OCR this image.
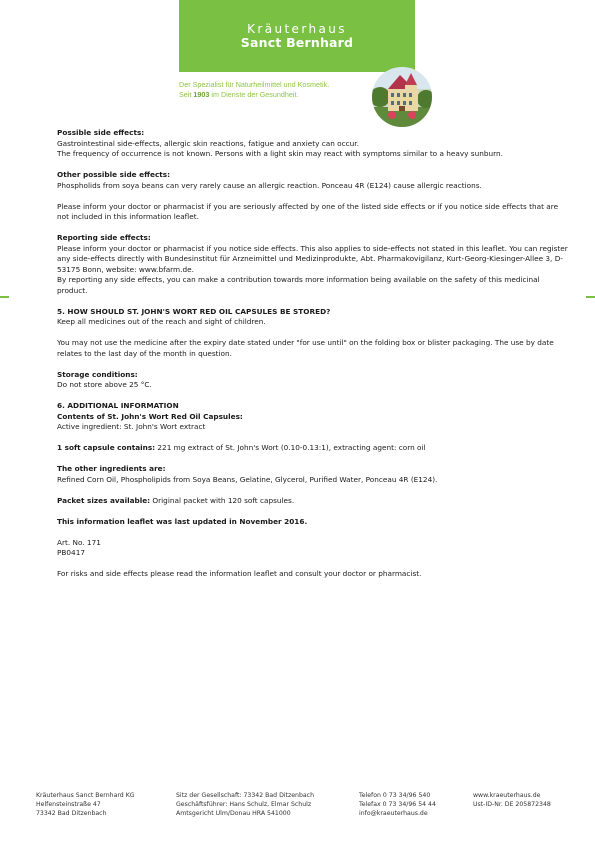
Kräuterhaus
Sanct Bernhard
Der Spezialist für Naturheilmittel und Kosmetik.
Seit 1903 im Dienste der Gesundheit.

Possible side effects:

Gastrointestinal side-effects, allergic skin reactions, fatigue and anxiety can occur.

The frequency of occurrence is not known. Persons with a light skin may react with symptoms similar to a heavy sunburn.

Other possible side effects:

Phospholids from soya beans can very rarely cause an allergic reaction. Ponceau 4R (E124) cause allergic reactions.

Please inform your doctor or pharmacist if you are seriously affected by one of the listed side effects or if you notice side effects that are not included in this information leaflet.

Reporting side effects:

Please inform your doctor or pharmacist if you notice side effects. This also applies to side-effects not stated in this leaflet. You can register any side-effects directly with Bundesinstitut für Arzneimittel und Medizinprodukte, Abt. Pharmakovigilanz, Kurt-Georg-Kiesinger-Allee 3, D-53175 Bonn, website: www.bfarm.de.

By reporting any side effects, you can make a contribution towards more information being available on the safety of this medicinal product.

5. HOW SHOULD ST. JOHN'S WORT RED OIL CAPSULES BE STORED?

Keep all medicines out of the reach and sight of children.

You may not use the medicine after the expiry date stated under "for use until" on the folding box or blister packaging. The use by date relates to the last day of the month in question.

Storage conditions:

Do not store above 25 °C.

6. ADDITIONAL INFORMATION

Contents of St. John's Wort Red Oil Capsules:

Active ingredient: St. John's Wort extract

1 soft capsule contains: 221 mg extract of St. John's Wort (0.10-0.13:1), extracting agent: corn oil

The other ingredients are:

Refined Corn Oil, Phospholipids from Soya Beans, Gelatine, Glycerol, Purified Water, Ponceau 4R (E124).

Packet sizes available: Original packet with 120 soft capsules.

This information leaflet was last updated in November 2016.

Art. No. 171

PB0417

For risks and side effects please read the information leaflet and consult your doctor or pharmacist.

Kräuterhaus Sanct Bernhard KG
Helfensteinstraße 47
73342 Bad Ditzenbach
Sitz der Gesellschaft: 73342 Bad Ditzenbach
Geschäftsführer: Hans Schulz, Elmar Schulz
Amtsgericht Ulm/Donau HRA 541000
Telefon 0 73 34/96 540
Telefax 0 73 34/96 54 44
info@kraeuterhaus.de
www.kraeuterhaus.de
Ust-ID-Nr. DE 205872348
